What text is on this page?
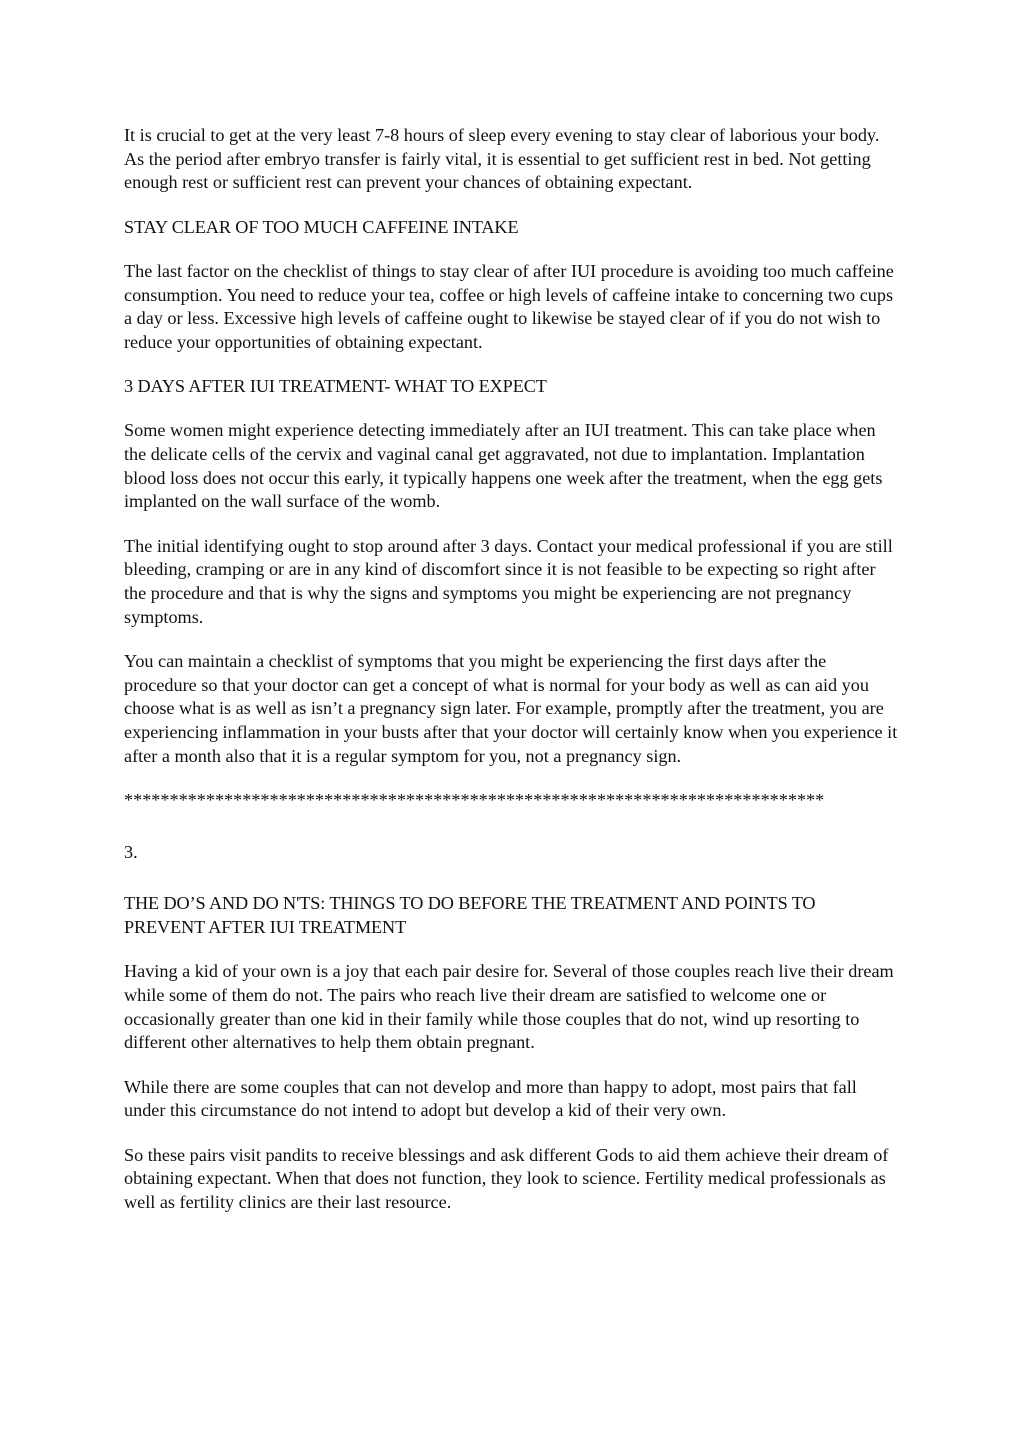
It is crucial to get at the very least 7-8 hours of sleep every evening to stay clear of laborious your body. As the period after embryo transfer is fairly vital, it is essential to get sufficient rest in bed. Not getting enough rest or sufficient rest can prevent your chances of obtaining expectant.

STAY CLEAR OF TOO MUCH CAFFEINE INTAKE

The last factor on the checklist of things to stay clear of after IUI procedure is avoiding too much caffeine consumption. You need to reduce your tea, coffee or high levels of caffeine intake to concerning two cups a day or less. Excessive high levels of caffeine ought to likewise be stayed clear of if you do not wish to reduce your opportunities of obtaining expectant.

3 DAYS AFTER IUI TREATMENT- WHAT TO EXPECT

Some women might experience detecting immediately after an IUI treatment. This can take place when the delicate cells of the cervix and vaginal canal get aggravated, not due to implantation. Implantation blood loss does not occur this early, it typically happens one week after the treatment, when the egg gets implanted on the wall surface of the womb.

The initial identifying ought to stop around after 3 days. Contact your medical professional if you are still bleeding, cramping or are in any kind of discomfort since it is not feasible to be expecting so right after the procedure and that is why the signs and symptoms you might be experiencing are not pregnancy symptoms.

You can maintain a checklist of symptoms that you might be experiencing the first days after the procedure so that your doctor can get a concept of what is normal for your body as well as can aid you choose what is as well as isn’t a pregnancy sign later. For example, promptly after the treatment, you are experiencing inflammation in your busts after that your doctor will certainly know when you experience it after a month also that it is a regular symptom for you, not a pregnancy sign.

*****************************************************************************

3.

THE DO’S AND DO N'TS: THINGS TO DO BEFORE THE TREATMENT AND POINTS TO PREVENT AFTER IUI TREATMENT

Having a kid of your own is a joy that each pair desire for. Several of those couples reach live their dream while some of them do not. The pairs who reach live their dream are satisfied to welcome one or occasionally greater than one kid in their family while those couples that do not, wind up resorting to different other alternatives to help them obtain pregnant.

While there are some couples that can not develop and more than happy to adopt, most pairs that fall under this circumstance do not intend to adopt but develop a kid of their very own.

So these pairs visit pandits to receive blessings and ask different Gods to aid them achieve their dream of obtaining expectant. When that does not function, they look to science. Fertility medical professionals as well as fertility clinics are their last resource.
